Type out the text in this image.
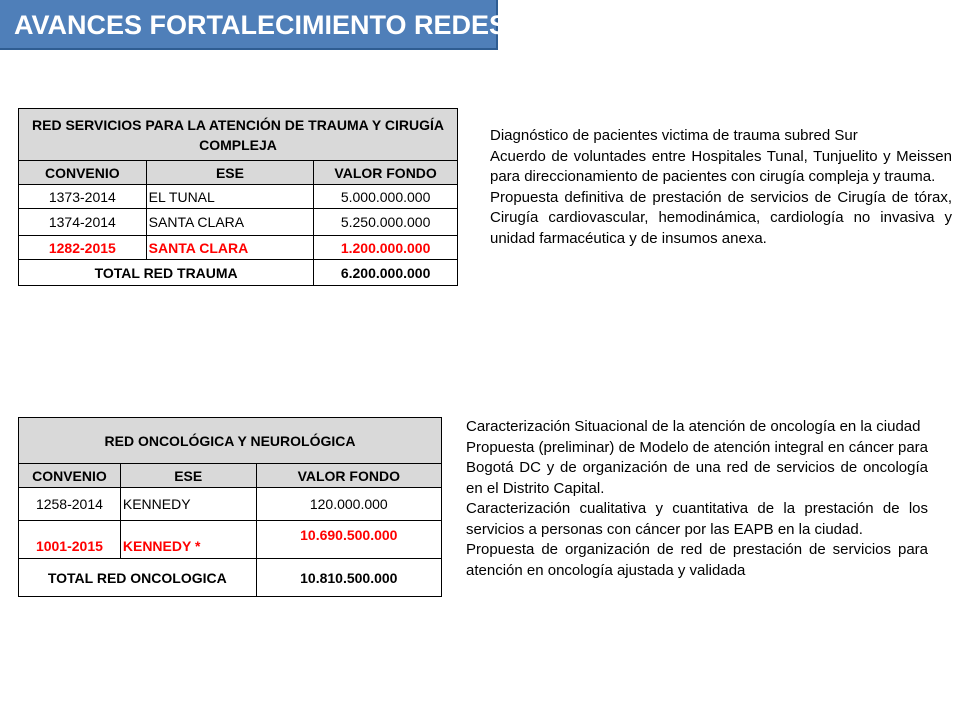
AVANCES FORTALECIMIENTO REDES
RED SERVICIOS PARA LA ATENCIÓN DE TRAUMA Y CIRUGÍA COMPLEJA		
CONVENIO	ESE	VALOR FONDO
1373-2014	EL TUNAL	5.000.000.000
1374-2014	SANTA CLARA	5.250.000.000
1282-2015	SANTA CLARA	1.200.000.000
TOTAL RED TRAUMA		6.200.000.000

Diagnóstico de pacientes victima de trauma subred Sur

Acuerdo de voluntades entre Hospitales Tunal, Tunjuelito y Meissen para direccionamiento de pacientes con cirugía compleja y trauma.

Propuesta definitiva de prestación de servicios de Cirugía de tórax, Cirugía cardiovascular, hemodinámica, cardiología no invasiva y unidad farmacéutica y de insumos anexa.

RED ONCOLÓGICA Y NEUROLÓGICA		
CONVENIO	ESE	VALOR FONDO
1258-2014	KENNEDY	120.000.000
1001-2015	KENNEDY *	10.690.500.000
TOTAL RED ONCOLOGICA		10.810.500.000

Caracterización Situacional de la atención de oncología en la ciudad

Propuesta (preliminar) de Modelo de atención integral en cáncer para Bogotá DC y de organización de una red de servicios de oncología en el Distrito Capital.

Caracterización cualitativa y cuantitativa de la prestación de los servicios a personas con cáncer por las EAPB en la ciudad.

Propuesta de organización de red de prestación de servicios para atención en oncología ajustada y validada
